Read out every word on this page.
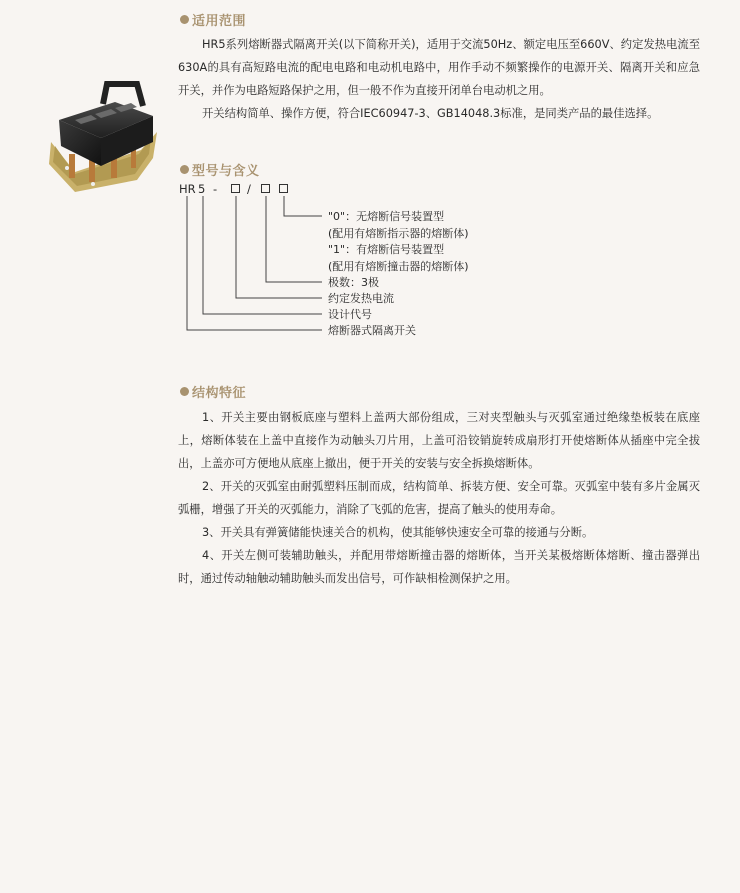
适用范围

HR5系列熔断器式隔离开关(以下简称开关)，适用于交流50Hz、额定电压至660V、约定发热电流至630A的具有高短路电流的配电电路和电动机电路中，用作手动不频繁操作的电源开关、隔离开关和应急开关，并作为电路短路保护之用，但一般不作为直接开闭单台电动机之用。

开关结构简单、操作方便，符合IEC60947-3、GB14048.3标准，是同类产品的最佳选择。

型号与含义
HR 5 -	/
"0"：无熔断信号装置型
(配用有熔断指示器的熔断体)
"1"：有熔断信号装置型
(配用有熔断撞击器的熔断体)
极数：3极
约定发热电流
设计代号
熔断器式隔离开关
结构特征

1、开关主要由钢板底座与塑料上盖两大部份组成，三对夹型触头与灭弧室通过绝缘垫板装在底座上，熔断体装在上盖中直接作为动触头刀片用，上盖可沿铰销旋转成扇形打开使熔断体从插座中完全拔出，上盖亦可方便地从底座上撤出，便于开关的安装与安全拆换熔断体。

2、开关的灭弧室由耐弧塑料压制而成，结构简单、拆装方便、安全可靠。灭弧室中装有多片金属灭弧栅，增强了开关的灭弧能力，消除了飞弧的危害，提高了触头的使用寿命。

3、开关具有弹簧储能快速关合的机构，使其能够快速安全可靠的接通与分断。

4、开关左侧可装辅助触头，并配用带熔断撞击器的熔断体，当开关某极熔断体熔断、撞击器弹出时，通过传动轴触动辅助触头而发出信号，可作缺相检测保护之用。
